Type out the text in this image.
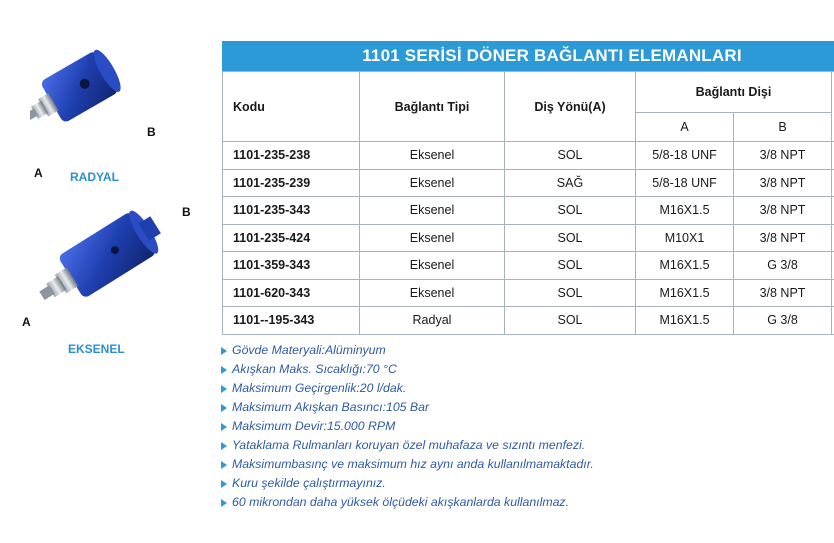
A
B
RADYAL
B
A
EKSENEL
1101 SERİSİ DÖNER BAĞLANTI ELEMANLARI
Kodu	Bağlantı Tipi	Diş Yönü(A)	Bağlantı Dişi		
			A	B	
1101-235-238	Eksenel	SOL	5/8-18 UNF	3/8 NPT	
1101-235-239	Eksenel	SAĞ	5/8-18 UNF	3/8 NPT	
1101-235-343	Eksenel	SOL	M16X1.5	3/8 NPT	
1101-235-424	Eksenel	SOL	M10X1	3/8 NPT	
1101-359-343	Eksenel	SOL	M16X1.5	G 3/8	
1101-620-343	Eksenel	SOL	M16X1.5	3/8 NPT	
1101--195-343	Radyal	SOL	M16X1.5	G 3/8	
Gövde Materyali:Alüminyum
Akışkan Maks. Sıcaklığı:70 °C
Maksimum Geçirgenlik:20 l/dak.
Maksimum Akışkan Basıncı:105 Bar
Maksimum Devir:15.000 RPM
Yataklama Rulmanları koruyan özel muhafaza ve sızıntı menfezi.
Maksimumbasınç ve maksimum hız aynı anda kullanılmamaktadır.
Kuru şekilde çalıştırmayınız.
60 mikrondan daha yüksek ölçüdeki akışkanlarda kullanılmaz.
